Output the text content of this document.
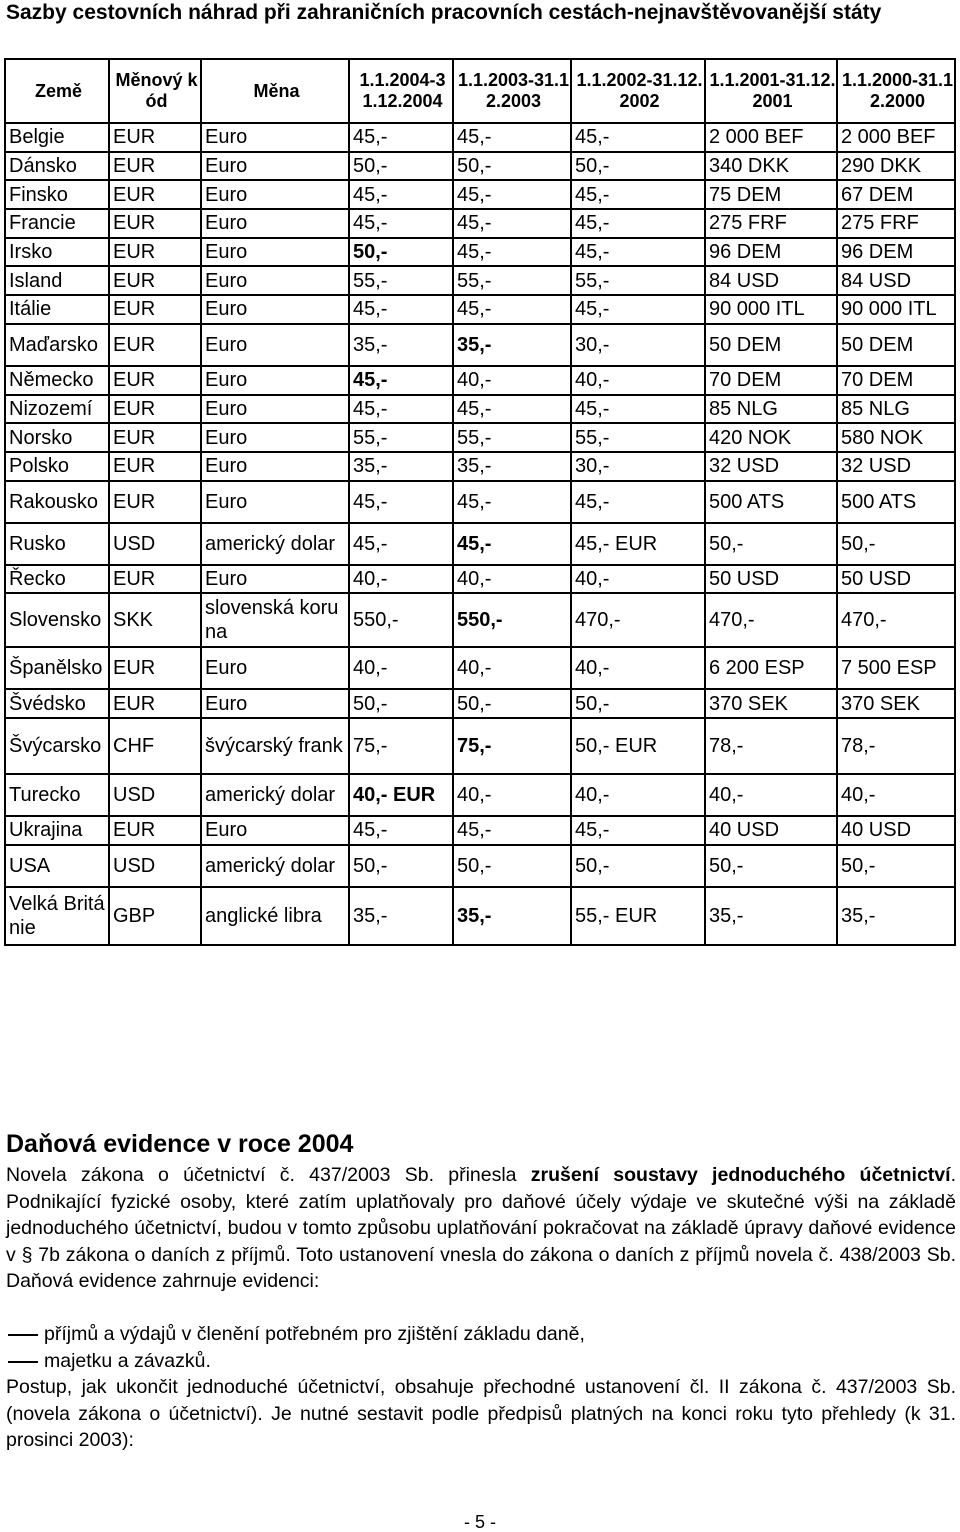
Sazby cestovních náhrad při zahraničních pracovních cestách-nejnavštěvovanější státy
Země	Měnový kód	Měna	1.1.2004-31.12.2004	1.1.2003-31.12.2003	1.1.2002-31.12.2002	1.1.2001-31.12.2001	1.1.2000-31.12.2000
Belgie	EUR	Euro	45,-	45,-	45,-	2 000 BEF	2 000 BEF
Dánsko	EUR	Euro	50,-	50,-	50,-	340 DKK	290 DKK
Finsko	EUR	Euro	45,-	45,-	45,-	75 DEM	67 DEM
Francie	EUR	Euro	45,-	45,-	45,-	275 FRF	275 FRF
Irsko	EUR	Euro	50,-	45,-	45,-	96 DEM	96 DEM
Island	EUR	Euro	55,-	55,-	55,-	84 USD	84 USD
Itálie	EUR	Euro	45,-	45,-	45,-	90 000 ITL	90 000 ITL
Maďarsko	EUR	Euro	35,-	35,-	30,-	50 DEM	50 DEM
Německo	EUR	Euro	45,-	40,-	40,-	70 DEM	70 DEM
Nizozemí	EUR	Euro	45,-	45,-	45,-	85 NLG	85 NLG
Norsko	EUR	Euro	55,-	55,-	55,-	420 NOK	580 NOK
Polsko	EUR	Euro	35,-	35,-	30,-	32 USD	32 USD
Rakousko	EUR	Euro	45,-	45,-	45,-	500 ATS	500 ATS
Rusko	USD	americký dolar	45,-	45,-	45,- EUR	50,-	50,-
Řecko	EUR	Euro	40,-	40,-	40,-	50 USD	50 USD
Slovensko	SKK	slovenská koruna	550,-	550,-	470,-	470,-	470,-
Španělsko	EUR	Euro	40,-	40,-	40,-	6 200 ESP	7 500 ESP
Švédsko	EUR	Euro	50,-	50,-	50,-	370 SEK	370 SEK
Švýcarsko	CHF	švýcarský frank	75,-	75,-	50,- EUR	78,-	78,-
Turecko	USD	americký dolar	40,- EUR	40,-	40,-	40,-	40,-
Ukrajina	EUR	Euro	45,-	45,-	45,-	40 USD	40 USD
USA	USD	americký dolar	50,-	50,-	50,-	50,-	50,-
Velká Británie	GBP	anglické libra	35,-	35,-	55,- EUR	35,-	35,-
Daňová evidence v roce 2004
Novela zákona o účetnictví č. 437/2003 Sb. přinesla zrušení soustavy jednoduchého účetnictví. Podnikající fyzické osoby, které zatím uplatňovaly pro daňové účely výdaje ve skutečné výši na základě jednoduchého účetnictví, budou v tomto způsobu uplatňování pokračovat na základě úpravy daňové evidence v § 7b zákona o daních z příjmů. Toto ustanovení vnesla do zákona o daních z příjmů novela č. 438/2003 Sb. Daňová evidence zahrnuje evidenci:
příjmů a výdajů v členění potřebném pro zjištění základu daně,
majetku a závazků.
Postup, jak ukončit jednoduché účetnictví, obsahuje přechodné ustanovení čl. II zákona č. 437/2003 Sb. (novela zákona o účetnictví). Je nutné sestavit podle předpisů platných na konci roku tyto přehledy (k 31. prosinci 2003):
- 5 -
